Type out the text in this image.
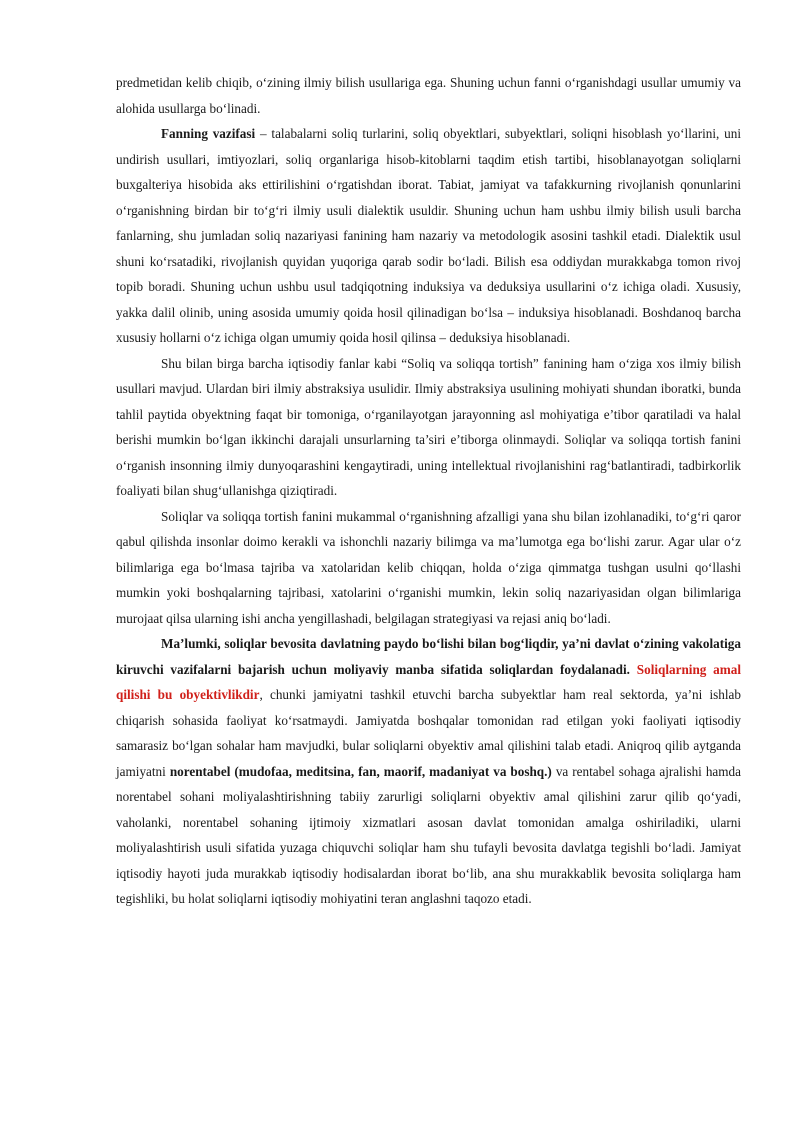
predmetidan kelib chiqib, o‘zining ilmiy bilish usullariga ega. Shuning uchun fanni o‘rganishdagi usullar umumiy va alohida usullarga bo‘linadi.

Fanning vazifasi – talabalarni soliq turlarini, soliq obyektlari, subyektlari, soliqni hisoblash yo‘llarini, uni undirish usullari, imtiyozlari, soliq organlariga hisob-kitoblarni taqdim etish tartibi, hisoblanayotgan soliqlarni buxgalteriya hisobida aks ettirilishini o‘rgatishdan iborat. Tabiat, jamiyat va tafakkurning rivojlanish qonunlarini o‘rganishning birdan bir to‘g‘ri ilmiy usuli dialektik usuldir. Shuning uchun ham ushbu ilmiy bilish usuli barcha fanlarning, shu jumladan soliq nazariyasi fanining ham nazariy va metodologik asosini tashkil etadi. Dialektik usul shuni ko‘rsatadiki, rivojlanish quyidan yuqoriga qarab sodir bo‘ladi. Bilish esa oddiydan murakkabga tomon rivoj topib boradi. Shuning uchun ushbu usul tadqiqotning induksiya va deduksiya usullarini o‘z ichiga oladi. Xususiy, yakka dalil olinib, uning asosida umumiy qoida hosil qilinadigan bo‘lsa – induksiya hisoblanadi. Boshdanoq barcha xususiy hollarni o‘z ichiga olgan umumiy qoida hosil qilinsa – deduksiya hisoblanadi.

Shu bilan birga barcha iqtisodiy fanlar kabi “Soliq va soliqqa tortish” fanining ham o‘ziga xos ilmiy bilish usullari mavjud. Ulardan biri ilmiy abstraksiya usulidir. Ilmiy abstraksiya usulining mohiyati shundan iboratki, bunda tahlil paytida obyektning faqat bir tomoniga, o‘rganilayotgan jarayonning asl mohiyatiga e’tibor qaratiladi va halal berishi mumkin bo‘lgan ikkinchi darajali unsurlarning ta’siri e’tiborga olinmaydi. Soliqlar va soliqqa tortish fanini o‘rganish insonning ilmiy dunyoqarashini kengaytiradi, uning intellektual rivojlanishini rag‘batlantiradi, tadbirkorlik foaliyati bilan shug‘ullanishga qiziqtiradi.

Soliqlar va soliqqa tortish fanini mukammal o‘rganishning afzalligi yana shu bilan izohlanadiki, to‘g‘ri qaror qabul qilishda insonlar doimo kerakli va ishonchli nazariy bilimga va ma’lumotga ega bo‘lishi zarur. Agar ular o‘z bilimlariga ega bo‘lmasa tajriba va xatolaridan kelib chiqqan, holda o‘ziga qimmatga tushgan usulni qo‘llashi mumkin yoki boshqalarning tajribasi, xatolarini o‘rganishi mumkin, lekin soliq nazariyasidan olgan bilimlariga murojaat qilsa ularning ishi ancha yengillashadi, belgilagan strategiyasi va rejasi aniq bo‘ladi.

Ma’lumki, soliqlar bevosita davlatning paydo bo‘lishi bilan bog‘liqdir, ya’ni davlat o‘zining vakolatiga kiruvchi vazifalarni bajarish uchun moliyaviy manba sifatida soliqlardan foydalanadi. Soliqlarning amal qilishi bu obyektivlikdir, chunki jamiyatni tashkil etuvchi barcha subyektlar ham real sektorda, ya’ni ishlab chiqarish sohasida faoliyat ko‘rsatmaydi. Jamiyatda boshqalar tomonidan rad etilgan yoki faoliyati iqtisodiy samarasiz bo‘lgan sohalar ham mavjudki, bular soliqlarni obyektiv amal qilishini talab etadi. Aniqroq qilib aytganda jamiyatni norentabel (mudofaa, meditsina, fan, maorif, madaniyat va boshq.) va rentabel sohaga ajralishi hamda norentabel sohani moliyalashtirishning tabiiy zarurligi soliqlarni obyektiv amal qilishini zarur qilib qo‘yadi, vaholanki, norentabel sohaning ijtimoiy xizmatlari asosan davlat tomonidan amalga oshiriladiki, ularni moliyalashtirish usuli sifatida yuzaga chiquvchi soliqlar ham shu tufayli bevosita davlatga tegishli bo‘ladi. Jamiyat iqtisodiy hayoti juda murakkab iqtisodiy hodisalardan iborat bo‘lib, ana shu murakkablik bevosita soliqlarga ham tegishliki, bu holat soliqlarni iqtisodiy mohiyatini teran anglashni taqozo etadi.
